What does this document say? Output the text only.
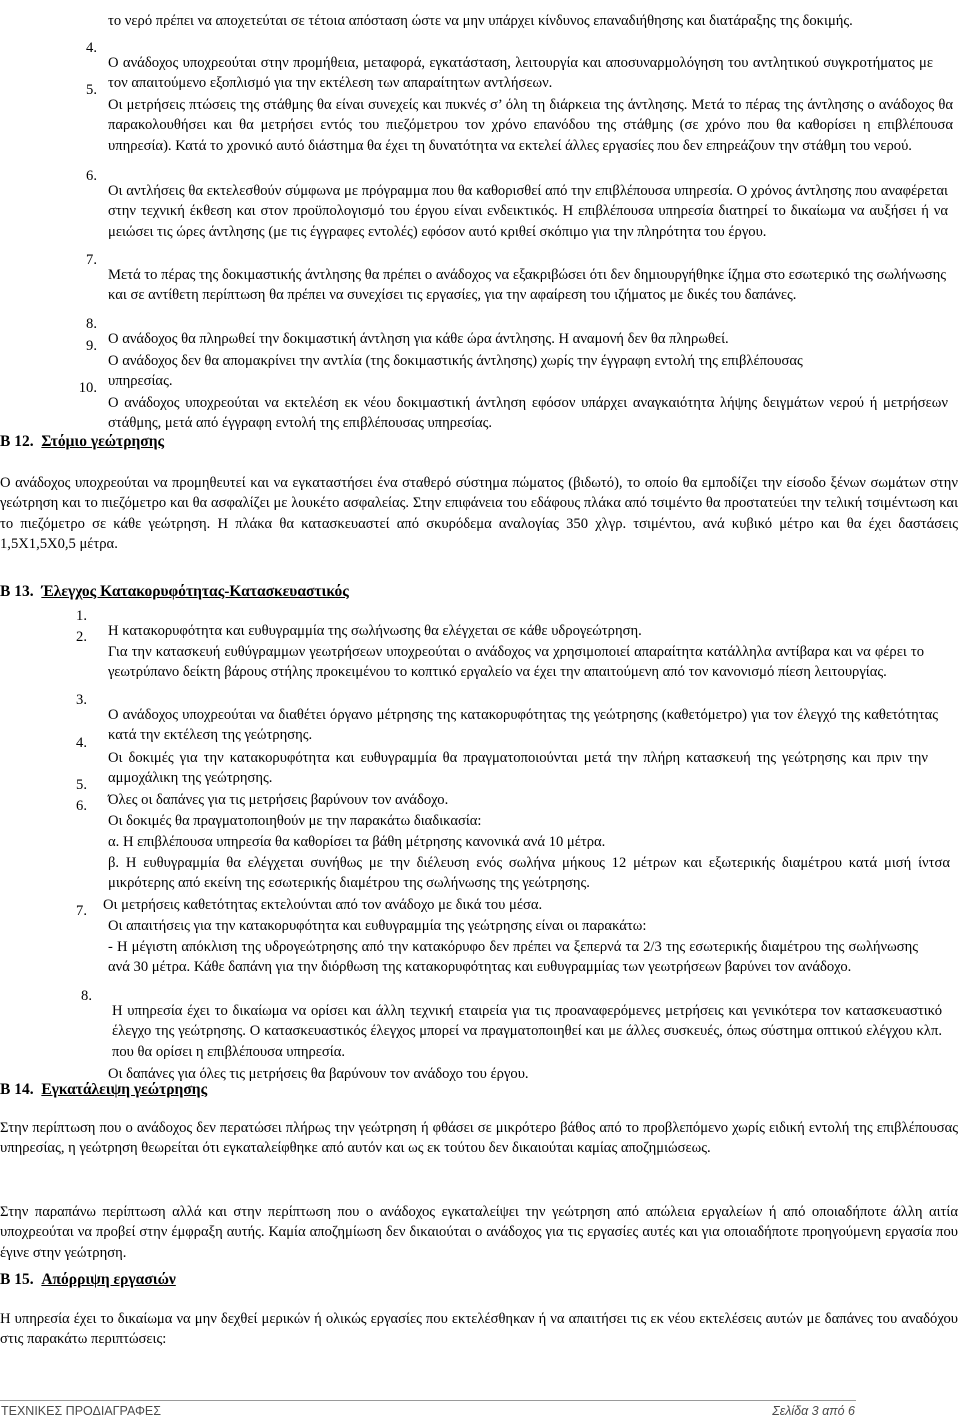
το νερό πρέπει να αποχετεύται σε τέτοια απόσταση ώστε να μην υπάρχει κίνδυνος επαναδιήθησης και διατάραξης της δοκιμής.

4.

Ο ανάδοχος υποχρεούται στην προμήθεια, μεταφορά, εγκατάσταση, λειτουργία και αποσυναρμολόγηση του αντλητικού συγκροτήματος με τον απαιτούμενο εξοπλισμό για την εκτέλεση των απαραίτητων αντλήσεων.

5.

Οι μετρήσεις πτώσεις της στάθμης θα είναι συνεχείς και πυκνές σ’ όλη τη διάρκεια της άντλησης. Μετά το πέρας της άντλησης ο ανάδοχος θα παρακολουθήσει και θα μετρήσει εντός του πιεζόμετρου τον χρόνο επανόδου της στάθμης (σε χρόνο που θα καθορίσει η επιβλέπουσα υπηρεσία). Κατά το χρονικό αυτό διάστημα θα έχει τη δυνατότητα να εκτελεί άλλες εργασίες που δεν επηρεάζουν την στάθμη του νερού.

6.

Οι αντλήσεις θα εκτελεσθούν σύμφωνα με πρόγραμμα που θα καθορισθεί από την επιβλέπουσα υπηρεσία. Ο χρόνος άντλησης που αναφέρεται στην τεχνική έκθεση και στον προϋπολογισμό του έργου είναι ενδεικτικός. Η επιβλέπουσα υπηρεσία διατηρεί το δικαίωμα να αυξήσει ή να μειώσει τις ώρες άντλησης (με τις έγγραφες εντολές) εφόσον αυτό κριθεί σκόπιμο για την πληρότητα του έργου.

7.

Μετά το πέρας της δοκιμαστικής άντλησης θα πρέπει ο ανάδοχος να εξακριβώσει ότι δεν δημιουργήθηκε ίζημα στο εσωτερικό της σωλήνωσης και σε αντίθετη περίπτωση θα πρέπει να συνεχίσει τις εργασίες, για την αφαίρεση του ιζήματος με δικές του δαπάνες.

8.

Ο ανάδοχος θα πληρωθεί την δοκιμαστική άντληση για κάθε ώρα άντλησης. Η αναμονή δεν θα πληρωθεί.

9.

Ο ανάδοχος δεν θα απομακρίνει την αντλία (της δοκιμαστικής άντλησης) χωρίς την έγγραφη εντολή της επιβλέπουσας υπηρεσίας.

10.

Ο ανάδοχος υποχρεούται να εκτελέση εκ νέου δοκιμαστική άντληση εφόσον υπάρχει αναγκαιότητα λήψης δειγμάτων νερού ή μετρήσεων στάθμης, μετά από έγγραφη εντολή της επιβλέπουσας υπηρεσίας.

Β 12. Στόμιο γεώτρησης

Ο ανάδοχος υποχρεούται να προμηθευτεί και να εγκαταστήσει ένα σταθερό σύστημα πώματος (βιδωτό), το οποίο θα εμποδίζει την είσοδο ξένων σωμάτων στην γεώτρηση και το πιεζόμετρο και θα ασφαλίζει με λουκέτο ασφαλείας. Στην επιφάνεια του εδάφους πλάκα από τσιμέντο θα προστατεύει την τελική τσιμέντωση και το πιεζόμετρο σε κάθε γεώτρηση. Η πλάκα θα κατασκευαστεί από σκυρόδεμα αναλογίας 350 χλγρ. τσιμέντου, ανά κυβικό μέτρο και θα έχει δαστάσεις 1,5Χ1,5Χ0,5 μέτρα.

Β 13. Έλεγχος Κατακορυφότητας-Κατασκευαστικός
1.

Η κατακορυφότητα και ευθυγραμμία της σωλήνωσης θα ελέγχεται σε κάθε υδρογεώτρηση.

2.

Για την κατασκευή ευθύγραμμων γεωτρήσεων υποχρεούται ο ανάδοχος να χρησιμοποιεί απαραίτητα κατάλληλα αντίβαρα και να φέρει το γεωτρύπανο δείκτη βάρους στήλης προκειμένου το κοπτικό εργαλείο να έχει την απαιτούμενη από τον κανονισμό πίεση λειτουργίας.

3.

Ο ανάδοχος υποχρεούται να διαθέτει όργανο μέτρησης της κατακορυφότητας της γεώτρησης (καθετόμετρο) για τον έλεγχό της καθετότητας κατά την εκτέλεση της γεώτρησης.

4.

Οι δοκιμές για την κατακορυφότητα και ευθυγραμμία θα πραγματοποιούνται μετά την πλήρη κατασκευή της γεώτρησης και πριν την αμμοχάλικη της γεώτρησης.

5.

Όλες οι δαπάνες για τις μετρήσεις βαρύνουν τον ανάδοχο.

6.

Οι δοκιμές θα πραγματοποιηθούν με την παρακάτω διαδικασία:

α. Η επιβλέπουσα υπηρεσία θα καθορίσει τα βάθη μέτρησης κανονικά ανά 10 μέτρα.

β. Η ευθυγραμμία θα ελέγχεται συνήθως με την διέλευση ενός σωλήνα μήκους 12 μέτρων και εξωτερικής διαμέτρου κατά μισή ίντσα μικρότερης από εκείνη της εσωτερικής διαμέτρου της σωλήνωσης της γεώτρησης.

Οι μετρήσεις καθετότητας εκτελούνται από τον ανάδοχο με δικά του μέσα.

7.

Οι απαιτήσεις για την κατακορυφότητα και ευθυγραμμία της γεώτρησης είναι οι παρακάτω:

- Η μέγιστη απόκλιση της υδρογεώτρησης από την κατακόρυφο δεν πρέπει να ξεπερνά τα 2/3 της εσωτερικής διαμέτρου της σωλήνωσης ανά 30 μέτρα. Κάθε δαπάνη για την διόρθωση της κατακορυφότητας και ευθυγραμμίας των γεωτρήσεων βαρύνει τον ανάδοχο.

8.

Η υπηρεσία έχει το δικαίωμα να ορίσει και άλλη τεχνική εταιρεία για τις προαναφερόμενες μετρήσεις και γενικότερα τον κατασκευαστικό έλεγχο της γεώτρησης. Ο κατασκευαστικός έλεγχος μπορεί να πραγματοποιηθεί και με άλλες συσκευές, όπως σύστημα οπτικού ελέγχου κλπ. που θα ορίσει η επιβλέπουσα υπηρεσία.

Οι δαπάνες για όλες τις μετρήσεις θα βαρύνουν τον ανάδοχο του έργου.

Β 14. Εγκατάλειψη γεώτρησης

Στην περίπτωση που ο ανάδοχος δεν περατώσει πλήρως την γεώτρηση ή φθάσει σε μικρότερο βάθος από το προβλεπόμενο χωρίς ειδική εντολή της επιβλέπουσας υπηρεσίας, η γεώτρηση θεωρείται ότι εγκαταλείφθηκε από αυτόν και ως εκ τούτου δεν δικαιούται καμίας αποζημιώσεως.

Στην παραπάνω περίπτωση αλλά και στην περίπτωση που ο ανάδοχος εγκαταλείψει την γεώτρηση από απώλεια εργαλείων ή από οποιαδήποτε άλλη αιτία υποχρεούται να προβεί στην έμφραξη αυτής. Καμία αποζημίωση δεν δικαιούται ο ανάδοχος για τις εργασίες αυτές και για οποιαδήποτε προηγούμενη εργασία που έγινε στην γεώτρηση.

Β 15. Απόρριψη εργασιών

Η υπηρεσία έχει το δικαίωμα να μην δεχθεί μερικών ή ολικώς εργασίες που εκτελέσθηκαν ή να απαιτήσει τις εκ νέου εκτελέσεις αυτών με δαπάνες του αναδόχου στις παρακάτω περιπτώσεις:

ΤΕΧΝΙΚΕΣ ΠΡΟΔΙΑΓΡΑΦΕΣ	Σελίδα 3 από 6
